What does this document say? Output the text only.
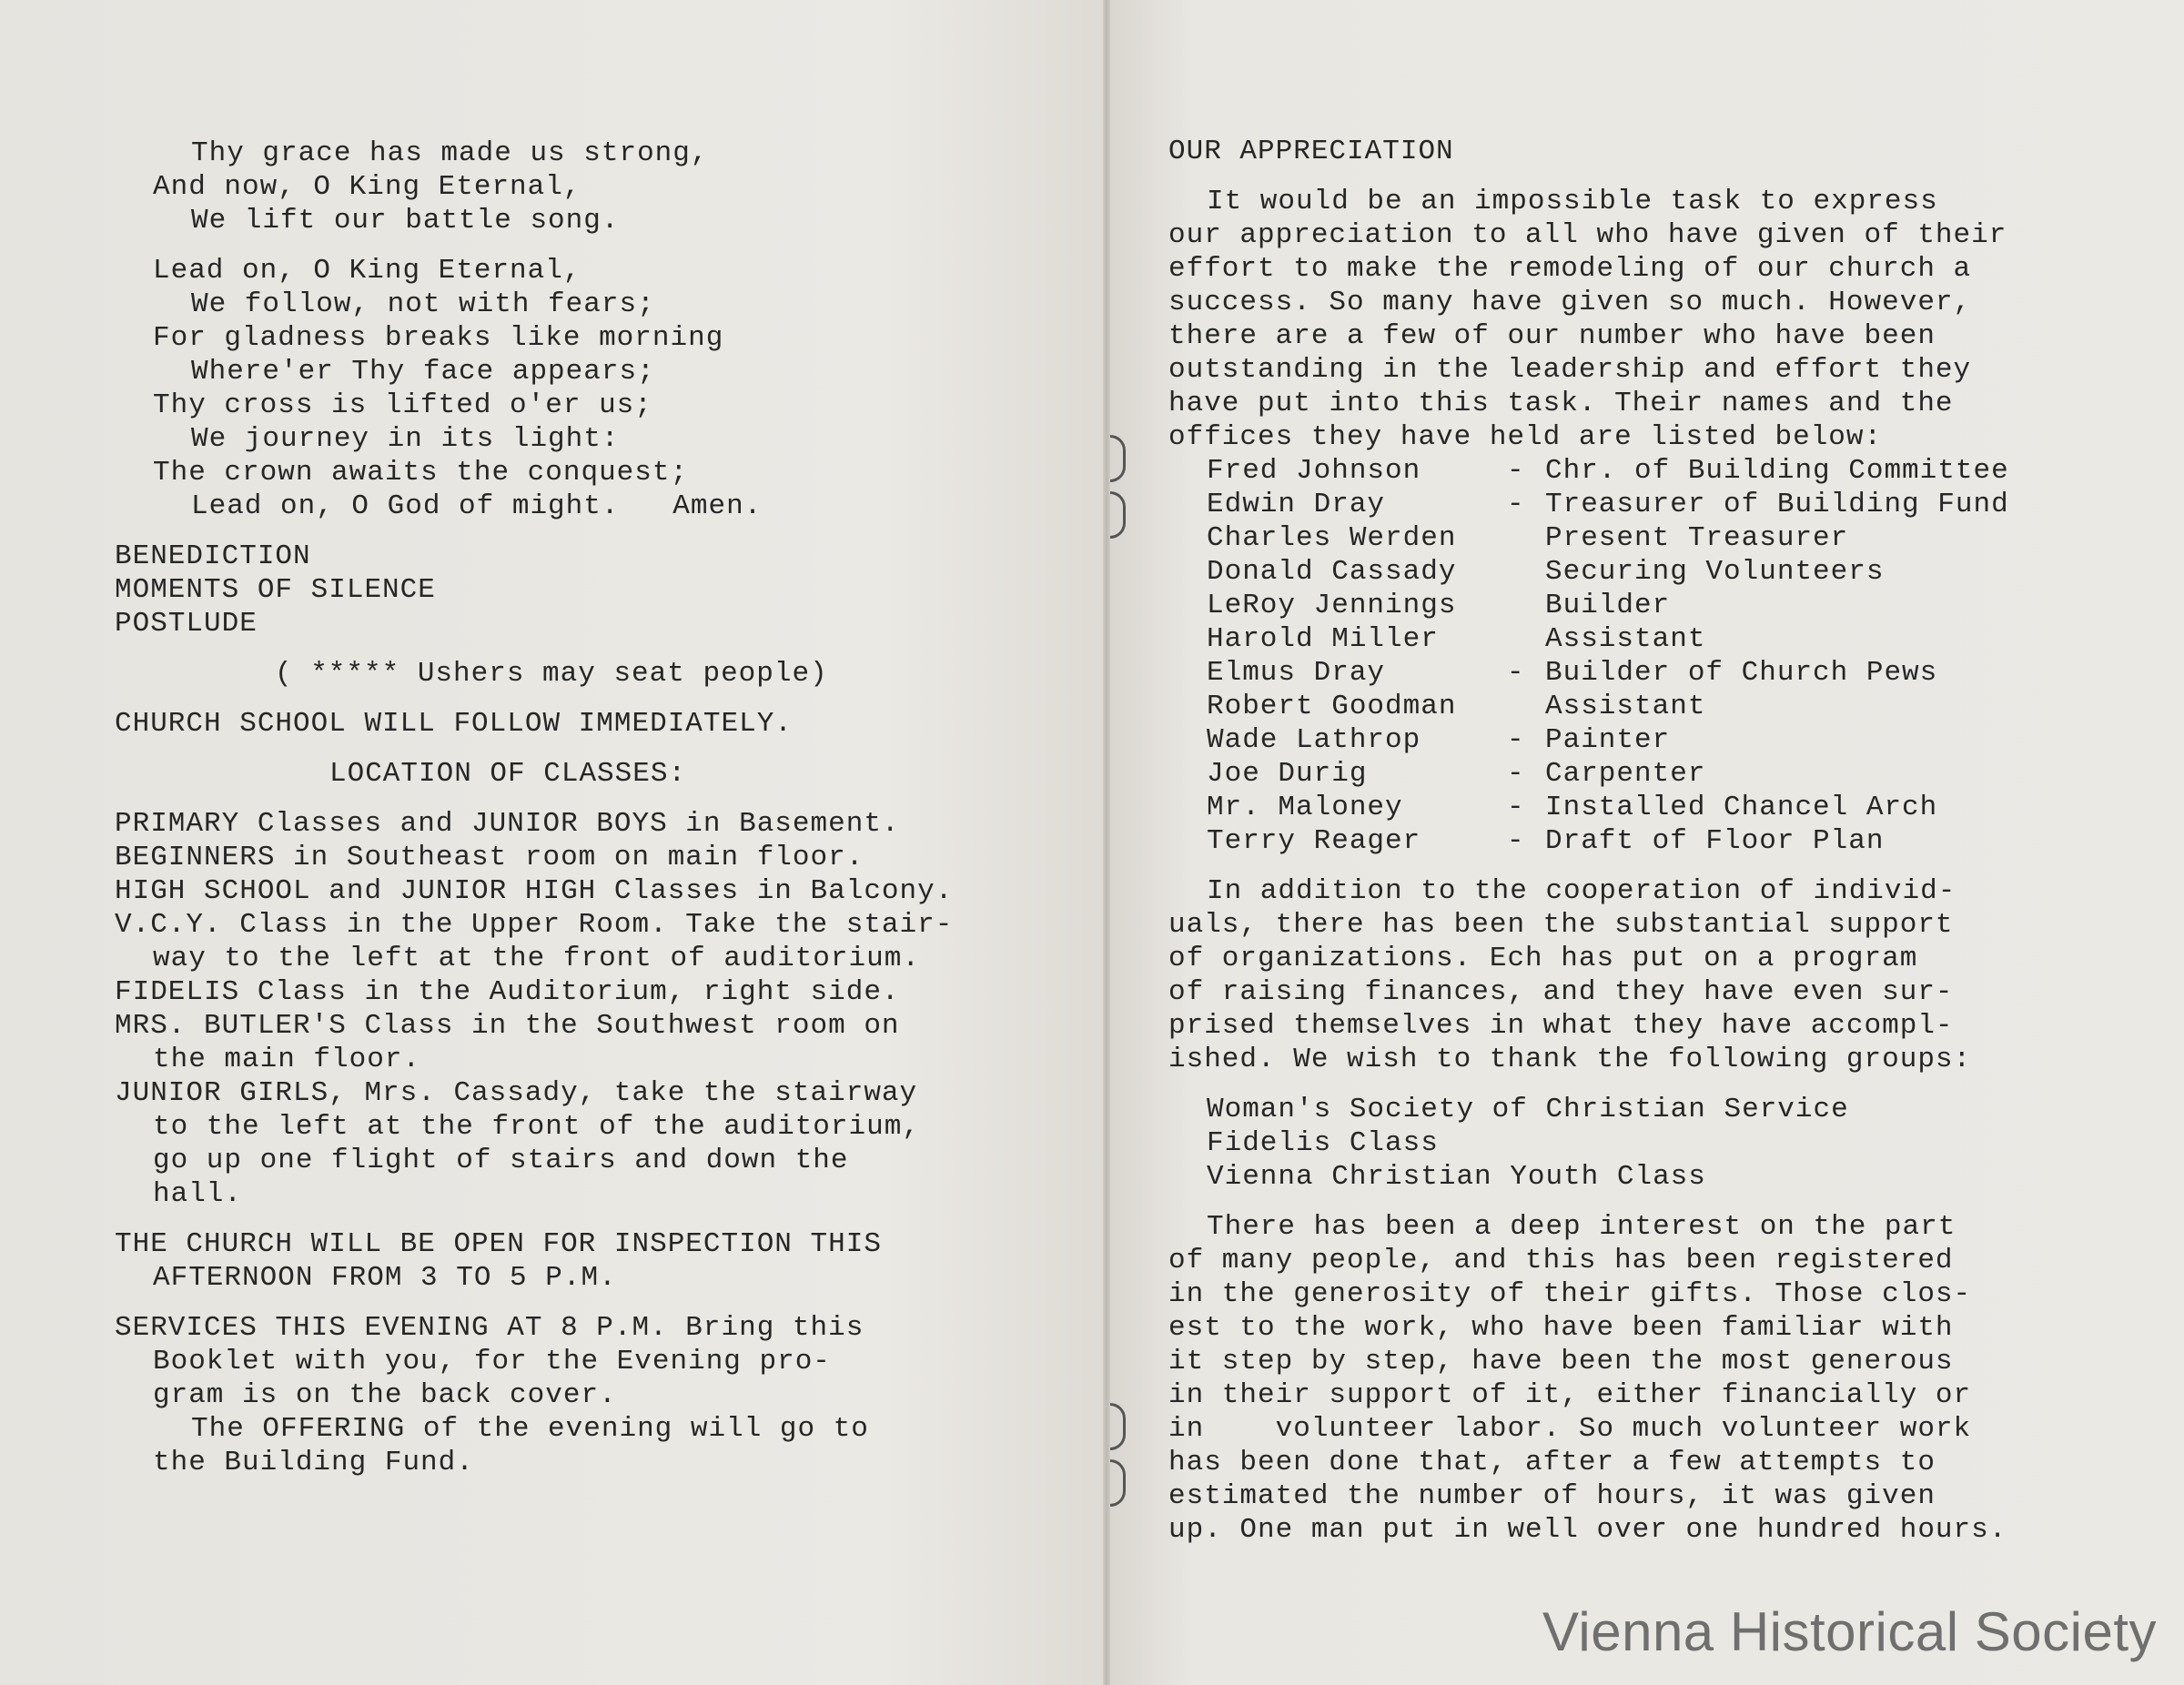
Thy grace has made us strong,
And now, O King Eternal,
We lift our battle song.
Lead on, O King Eternal,
We follow, not with fears;
For gladness breaks like morning
Where'er Thy face appears;
Thy cross is lifted o'er us;
We journey in its light:
The crown awaits the conquest;
Lead on, O God of might.   Amen.
BENEDICTION
MOMENTS OF SILENCE
POSTLUDE
( ***** Ushers may seat people)
CHURCH SCHOOL WILL FOLLOW IMMEDIATELY.
LOCATION OF CLASSES:
PRIMARY Classes and JUNIOR BOYS in Basement.
BEGINNERS in Southeast room on main floor.
HIGH SCHOOL and JUNIOR HIGH Classes in Balcony.
V.C.Y. Class in the Upper Room. Take the stair-
way to the left at the front of auditorium.
FIDELIS Class in the Auditorium, right side.
MRS. BUTLER'S Class in the Southwest room on
the main floor.
JUNIOR GIRLS, Mrs. Cassady, take the stairway
to the left at the front of the auditorium,
go up one flight of stairs and down the
hall.
THE CHURCH WILL BE OPEN FOR INSPECTION THIS
AFTERNOON FROM 3 TO 5 P.M.
SERVICES THIS EVENING AT 8 P.M. Bring this
Booklet with you, for the Evening pro-
gram is on the back cover.
The OFFERING of the evening will go to
the Building Fund.
OUR APPRECIATION
It would be an impossible task to express
our appreciation to all who have given of their
effort to make the remodeling of our church a
success. So many have given so much. However,
there are a few of our number who have been
outstanding in the leadership and effort they
have put into this task. Their names and the
offices they have held are listed below:
Fred Johnson	- Chr. of Building Committee
Edwin Dray	- Treasurer of Building Fund
Charles Werden	Present Treasurer
Donald Cassady	Securing Volunteers
LeRoy Jennings	Builder
Harold Miller	Assistant
Elmus Dray	- Builder of Church Pews
Robert Goodman	Assistant
Wade Lathrop	- Painter
Joe Durig	- Carpenter
Mr. Maloney	- Installed Chancel Arch
Terry Reager	- Draft of Floor Plan
In addition to the cooperation of individ-
uals, there has been the substantial support
of organizations. Ech has put on a program
of raising finances, and they have even sur-
prised themselves in what they have accompl-
ished. We wish to thank the following groups:
Woman's Society of Christian Service
Fidelis Class
Vienna Christian Youth Class
There has been a deep interest on the part
of many people, and this has been registered
in the generosity of their gifts. Those clos-
est to the work, who have been familiar with
it step by step, have been the most generous
in their support of it, either financially or
in    volunteer labor. So much volunteer work
has been done that, after a few attempts to
estimated the number of hours, it was given
up. One man put in well over one hundred hours.
Vienna Historical Society
